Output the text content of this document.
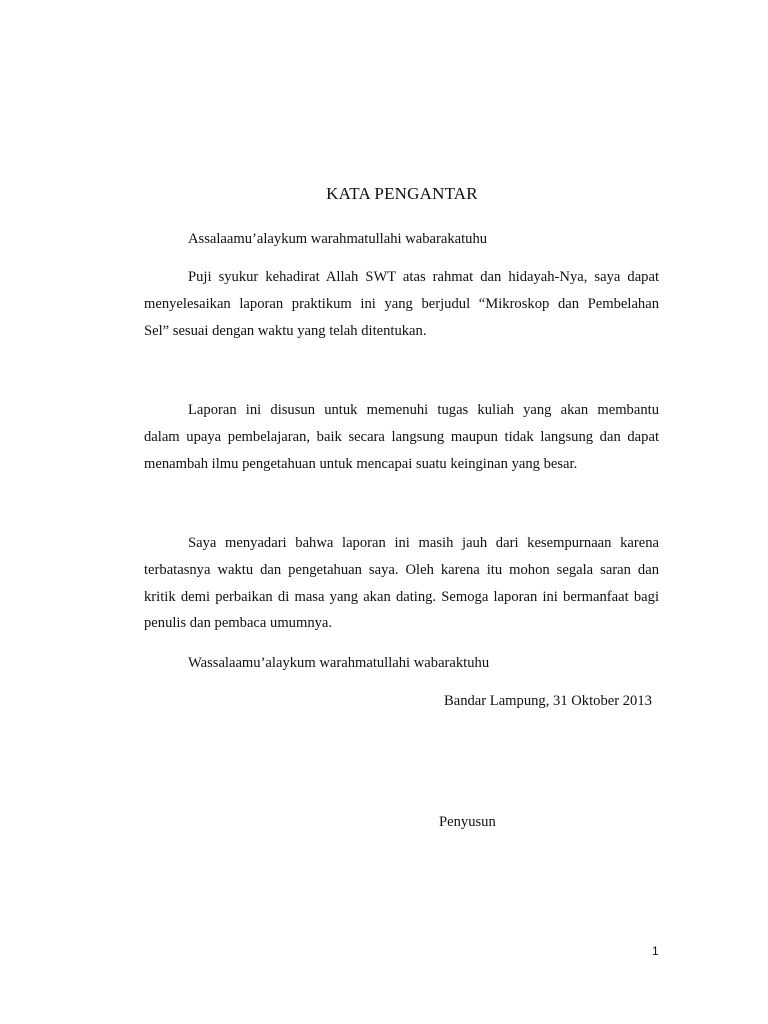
KATA PENGANTAR
Assalaamu’alaykum warahmatullahi wabarakatuhu
Puji syukur kehadirat Allah SWT atas rahmat dan hidayah-Nya, saya dapat
menyelesaikan laporan praktikum ini yang berjudul “Mikroskop dan Pembelahan
Sel” sesuai dengan waktu yang telah ditentukan.
Laporan ini disusun untuk memenuhi tugas kuliah yang akan membantu
dalam upaya pembelajaran, baik secara langsung maupun tidak langsung dan dapat
menambah ilmu pengetahuan untuk mencapai suatu keinginan yang besar.
Saya menyadari bahwa laporan ini masih jauh dari kesempurnaan karena
terbatasnya waktu dan pengetahuan saya. Oleh karena itu mohon segala saran dan
kritik demi perbaikan di masa yang akan dating. Semoga laporan ini bermanfaat bagi
penulis dan pembaca umumnya.
Wassalaamu’alaykum warahmatullahi wabaraktuhu
Bandar Lampung, 31 Oktober 2013
Penyusun
1
